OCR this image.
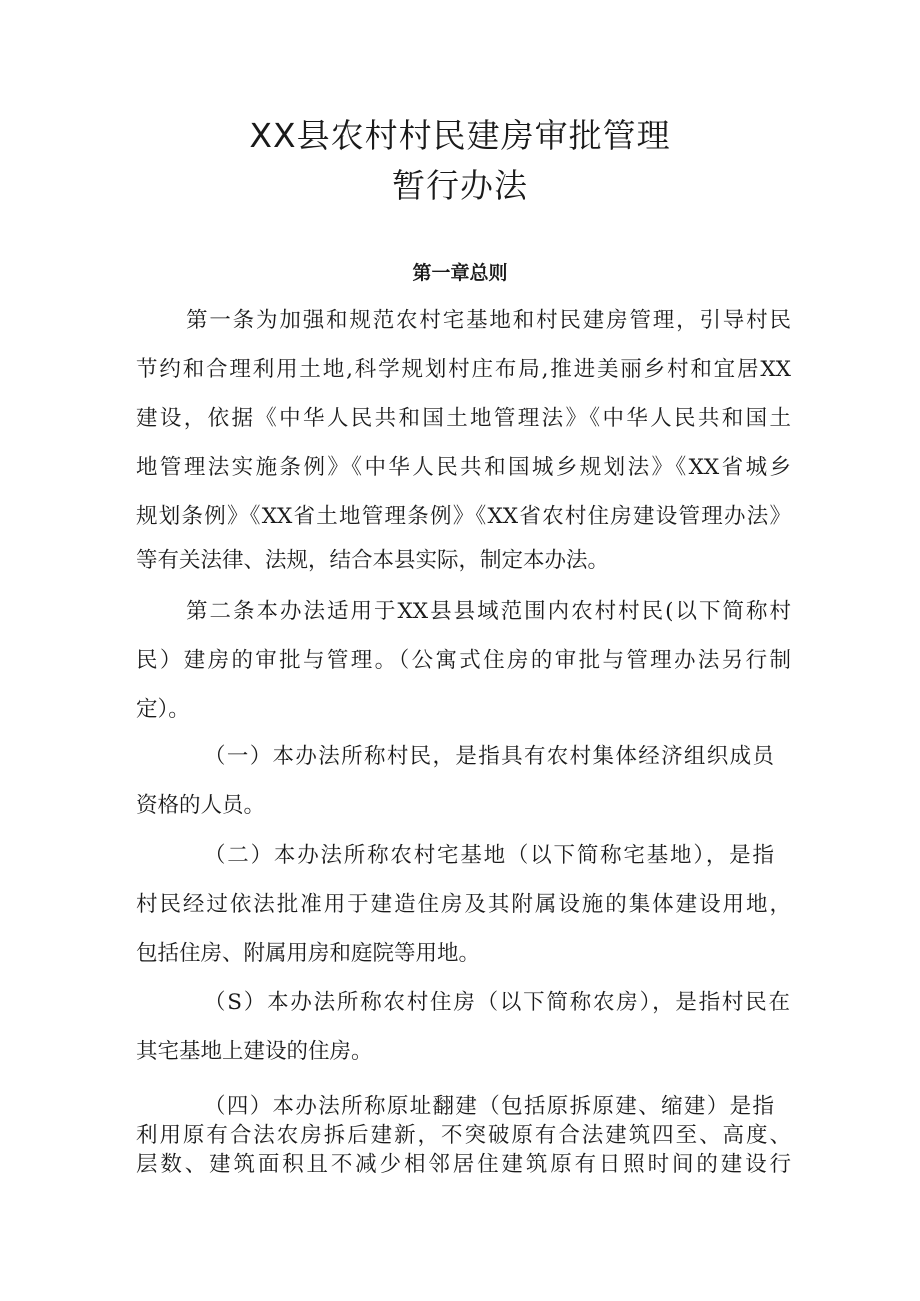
XX县农村村民建房审批管理
暂行办法
第一章总则

第一条为加强和规范农村宅基地和村民建房管理，引导村民

节约和合理利用土地,科学规划村庄布局,推进美丽乡村和宜居XX

建设，依据《中华人民共和国土地管理法》《中华人民共和国土

地管理法实施条例》《中华人民共和国城乡规划法》《XX省城乡

规划条例》《XX省土地管理条例》《XX省农村住房建设管理办法》

等有关法律、法规，结合本县实际，制定本办法。

第二条本办法适用于XX县县域范围内农村村民(以下简称村

民）建房的审批与管理。（公寓式住房的审批与管理办法另行制

定）。

（一）本办法所称村民，是指具有农村集体经济组织成员

资格的人员。

（二）本办法所称农村宅基地（以下简称宅基地），是指

村民经过依法批准用于建造住房及其附属设施的集体建设用地，

包括住房、附属用房和庭院等用地。

（S）本办法所称农村住房（以下简称农房），是指村民在

其宅基地上建设的住房。

（四）本办法所称原址翻建（包括原拆原建、缩建）是指

利用原有合法农房拆后建新，不突破原有合法建筑四至、高度、

层数、建筑面积且不减少相邻居住建筑原有日照时间的建设行
